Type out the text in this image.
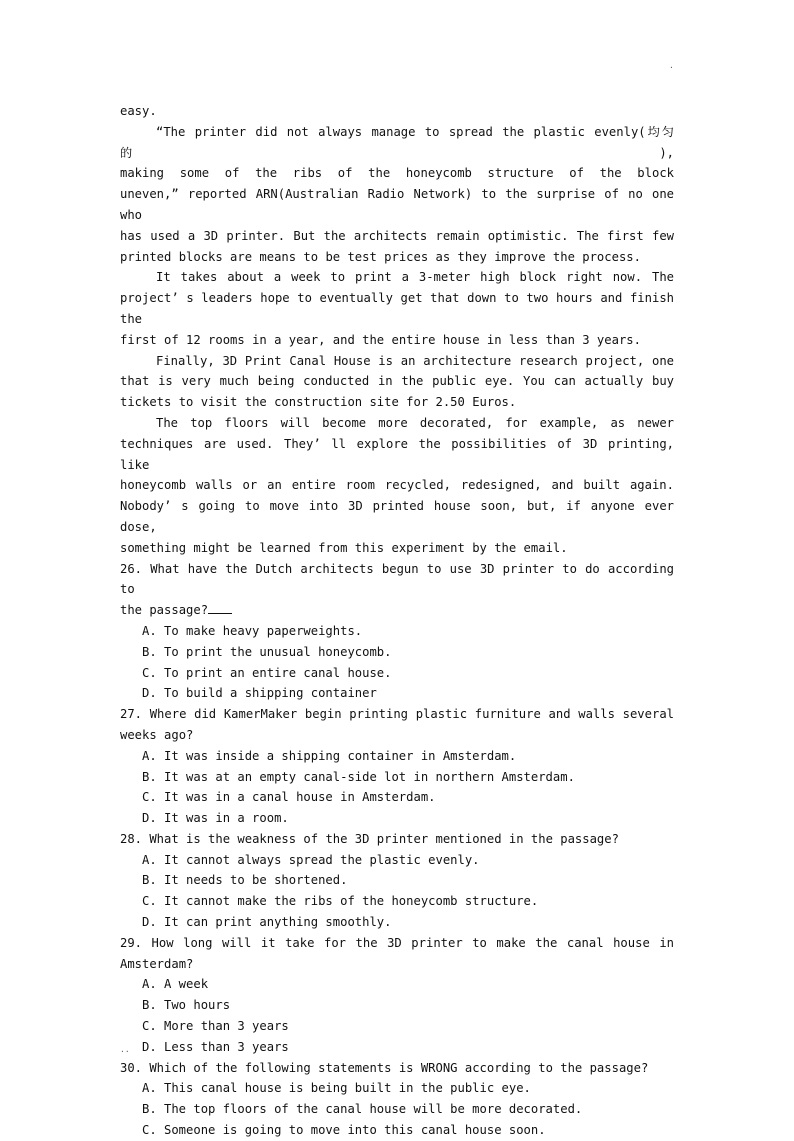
·
easy.
“The printer did not always manage to spread the plastic evenly(均匀的),
making some of the ribs of the honeycomb structure of the block
uneven,” reported ARN(Australian Radio Network) to the surprise of no one who
has used a 3D printer. But the architects remain optimistic. The first few
printed blocks are means to be test prices as they improve the process.
It takes about a week to print a 3-meter high block right now. The
project’ s leaders hope to eventually get that down to two hours and finish the
first of 12 rooms in a year, and the entire house in less than 3 years.
Finally, 3D Print Canal House is an architecture research project, one
that is very much being conducted in the public eye. You can actually buy
tickets to visit the construction site for 2.50 Euros.
The top floors will become more decorated, for example, as newer
techniques are used. They’ ll explore the possibilities of 3D printing, like
honeycomb walls or an entire room recycled, redesigned, and built again.
Nobody’ s going to move into 3D printed house soon, but, if anyone ever dose,
something might be learned from this experiment by the email.
26. What have the Dutch architects begun to use 3D printer to do according to
the passage?
A. To make heavy paperweights.
B. To print the unusual honeycomb.
C. To print an entire canal house.
D. To build a shipping container
27. Where did KamerMaker begin printing plastic furniture and walls several
weeks ago?
A. It was inside a shipping container in Amsterdam.
B. It was at an empty canal-side lot in northern Amsterdam.
C. It was in a canal house in Amsterdam.
D. It was in a room.
28. What is the weakness of the 3D printer mentioned in the passage?
A. It cannot always spread the plastic evenly.
B. It needs to be shortened.
C. It cannot make the ribs of the honeycomb structure.
D. It can print anything smoothly.
29. How long will it take for the 3D printer to make the canal house in
Amsterdam?
A. A week
B. Two hours
C. More than 3 years
D. Less than 3 years
30. Which of the following statements is WRONG according to the passage?
A. This canal house is being built in the public eye.
B. The top floors of the canal house will be more decorated.
C. Someone is going to move into this canal house soon.
..
